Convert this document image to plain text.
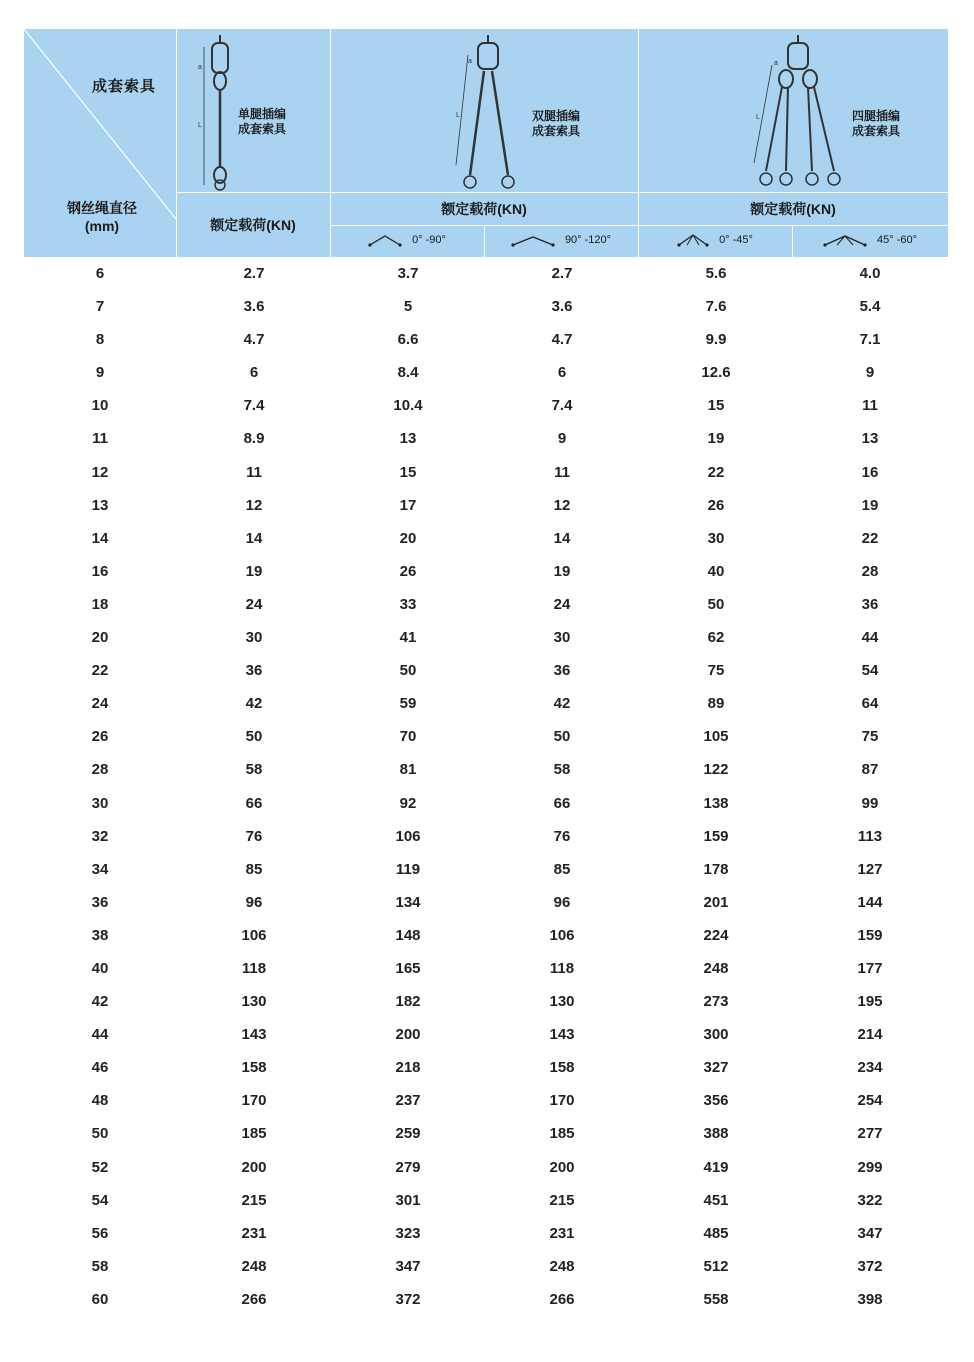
成套索具
钢丝绳直径
(mm)
a
L
单腿插编
成套索具
额定载荷(KN)
a
L	双腿插编
成套索具
额定载荷(KN)
a
L	四腿插编
成套索具
额定载荷(KN)
0° -90°	90° -120°	0° -45°	45° -60°
6	2.7	3.7	2.7	5.6	4.0
7	3.6	5	3.6	7.6	5.4
8	4.7	6.6	4.7	9.9	7.1
9	6	8.4	6	12.6	9
10	7.4	10.4	7.4	15	11
11	8.9	13	9	19	13
12	11	15	11	22	16
13	12	17	12	26	19
14	14	20	14	30	22
16	19	26	19	40	28
18	24	33	24	50	36
20	30	41	30	62	44
22	36	50	36	75	54
24	42	59	42	89	64
26	50	70	50	105	75
28	58	81	58	122	87
30	66	92	66	138	99
32	76	106	76	159	113
34	85	119	85	178	127
36	96	134	96	201	144
38	106	148	106	224	159
40	118	165	118	248	177
42	130	182	130	273	195
44	143	200	143	300	214
46	158	218	158	327	234
48	170	237	170	356	254
50	185	259	185	388	277
52	200	279	200	419	299
54	215	301	215	451	322
56	231	323	231	485	347
58	248	347	248	512	372
60	266	372	266	558	398
